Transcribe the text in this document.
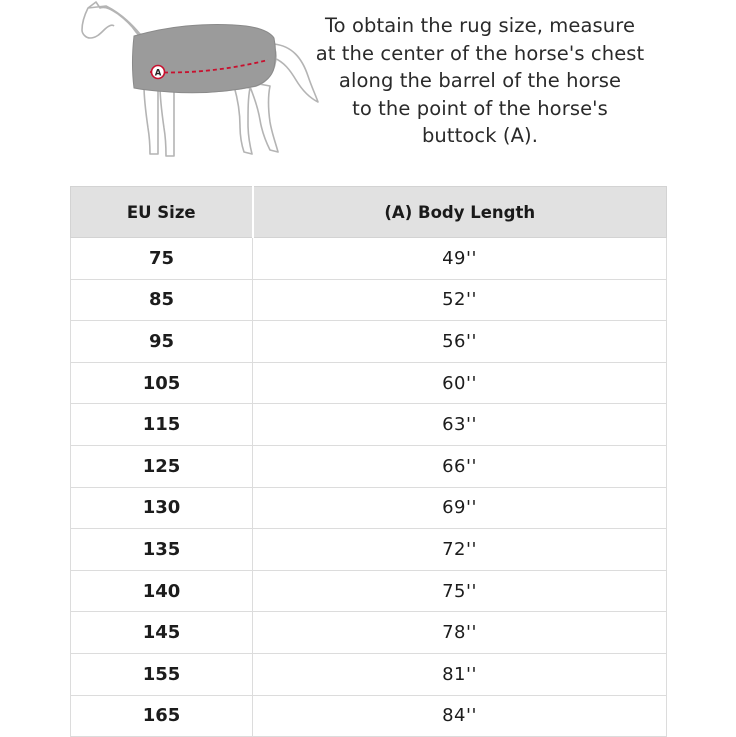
A
To obtain the rug size, measure
at the center of the horse's chest
along the barrel of the horse
to the point of the horse's
buttock (A).
EU Size	(A) Body Length
75	49''
85	52''
95	56''
105	60''
115	63''
125	66''
130	69''
135	72''
140	75''
145	78''
155	81''
165	84''
